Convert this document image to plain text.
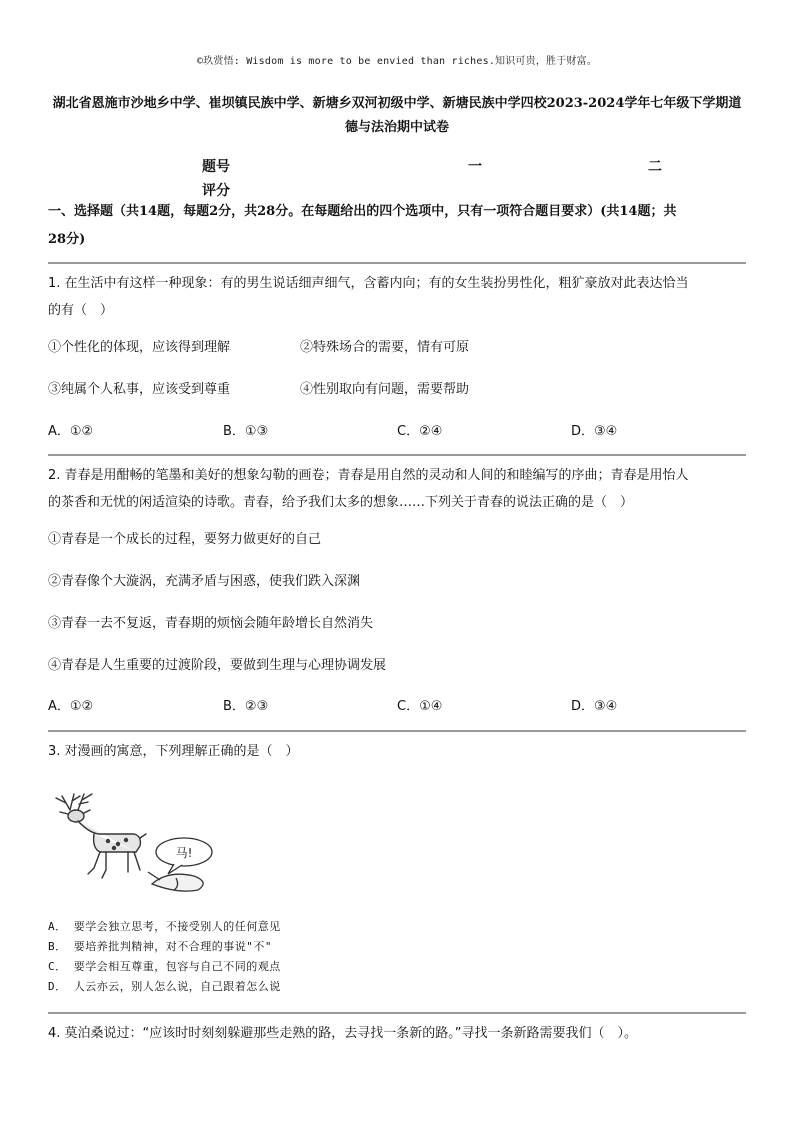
©玖赏悟: Wisdom is more to be envied than riches.知识可贵，胜于财富。
湖北省恩施市沙地乡中学、崔坝镇民族中学、新塘乡双河初级中学、新塘民族中学四校2023-2024学年七年级下学期道
德与法治期中试卷
题号	一	二
评分
一、选择题（共14题，每题2分，共28分。在每题给出的四个选项中，只有一项符合题目要求）(共14题；共
28分)
1. 在生活中有这样一种现象：有的男生说话细声细气，含蓄内向；有的女生装扮男性化，粗犷豪放对此表达恰当
的有（　）
①个性化的体现，应该得到理解	②特殊场合的需要，情有可原
③纯属个人私事，应该受到尊重	④性别取向有问题，需要帮助
A．①②	B．①③	C．②④	D．③④
2. 青春是用酣畅的笔墨和美好的想象勾勒的画卷；青春是用自然的灵动和人间的和睦编写的序曲；青春是用怡人
的茶香和无忧的闲适渲染的诗歌。青春，给予我们太多的想象……下列关于青春的说法正确的是（　）
①青春是一个成长的过程，要努力做更好的自己
②青春像个大漩涡，充满矛盾与困惑，使我们跌入深渊
③青春一去不复返，青春期的烦恼会随年龄增长自然消失
④青春是人生重要的过渡阶段，要做到生理与心理协调发展
A．①②	B．②③	C．①④	D．③④
3. 对漫画的寓意，下列理解正确的是（　）
马!
A． 要学会独立思考，不接受别人的任何意见
B． 要培养批判精神，对不合理的事说"不"
C． 要学会相互尊重，包容与自己不同的观点
D． 人云亦云，别人怎么说，自己跟着怎么说
4. 莫泊桑说过：“应该时时刻刻躲避那些走熟的路，去寻找一条新的路。”寻找一条新路需要我们（　）。
